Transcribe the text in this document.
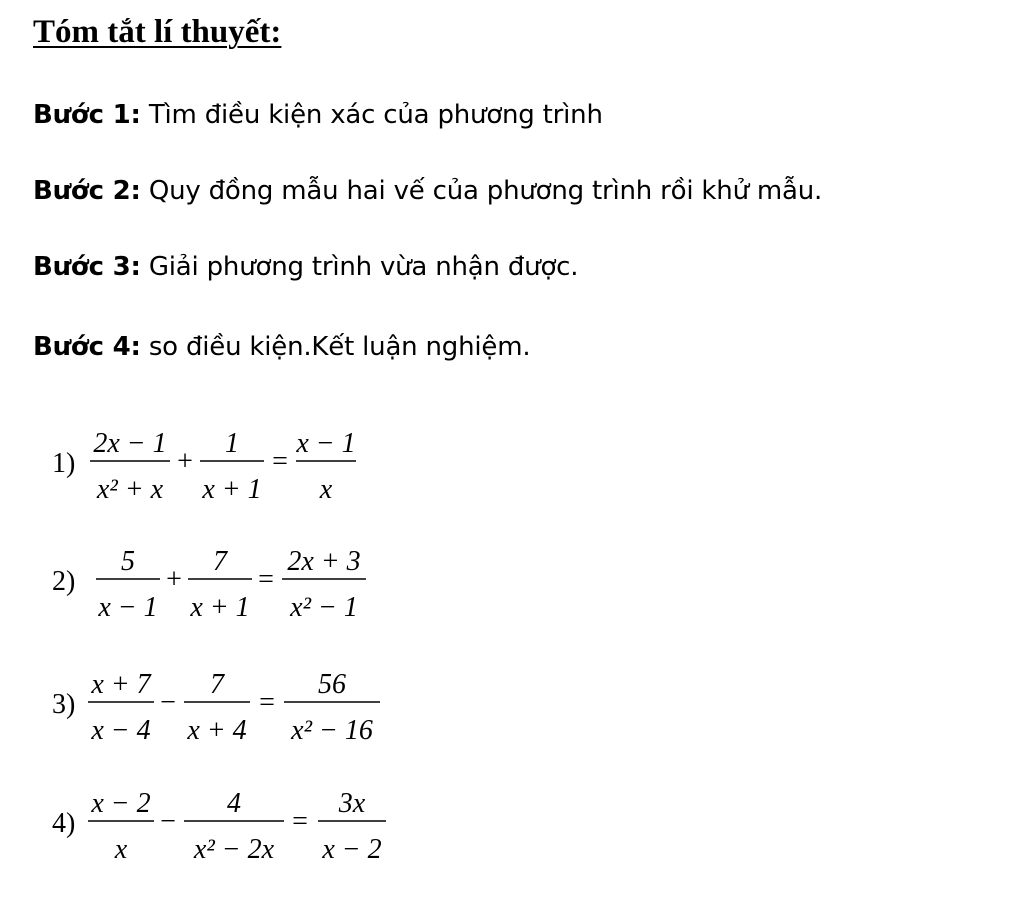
Tóm tắt lí thuyết:
Bước 1: Tìm điều kiện xác của phương trình
Bước 2: Quy đồng mẫu hai vế của phương trình rồi khử mẫu.
Bước 3: Giải phương trình vừa nhận được.
Bước 4: so điều kiện.Kết luận nghiệm.
1)
2x − 1
x² + x
+
1
x + 1
=
x − 1
x
2)
5
x − 1
+
7
x + 1
=
2x + 3
x² − 1
3)
x + 7
x − 4
−
7
x + 4
=
56
x² − 16
4)
x − 2
x
−
4
x² − 2x
=
3x
x − 2
